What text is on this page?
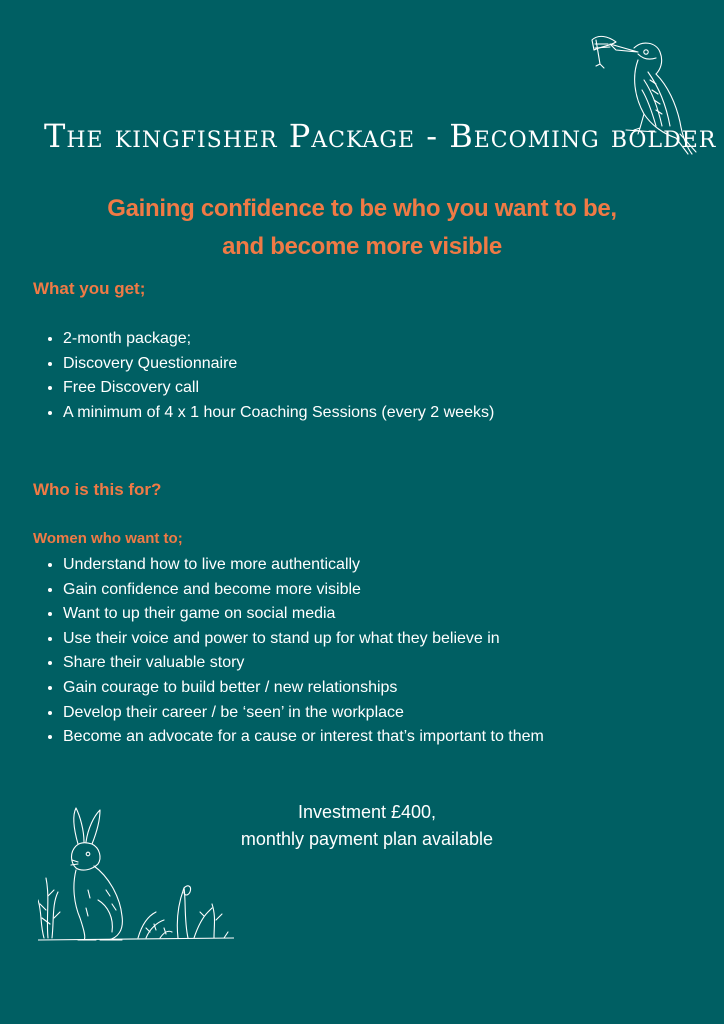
The kingfisher Package - Becoming bolder
Gaining confidence to be who you want to be,
and become more visible
What you get;
• 2-month package;
• Discovery Questionnaire
• Free Discovery call
• A minimum of 4 x 1 hour Coaching Sessions (every 2 weeks)
Who is this for?
Women who want to;
• Understand how to live more authentically
• Gain confidence and become more visible
• Want to up their game on social media
• Use their voice and power to stand up for what they believe in
• Share their valuable story
• Gain courage to build better / new relationships
• Develop their career / be ‘seen’ in the workplace
• Become an advocate for a cause or interest that’s important to them
Investment £400,
monthly payment plan available
